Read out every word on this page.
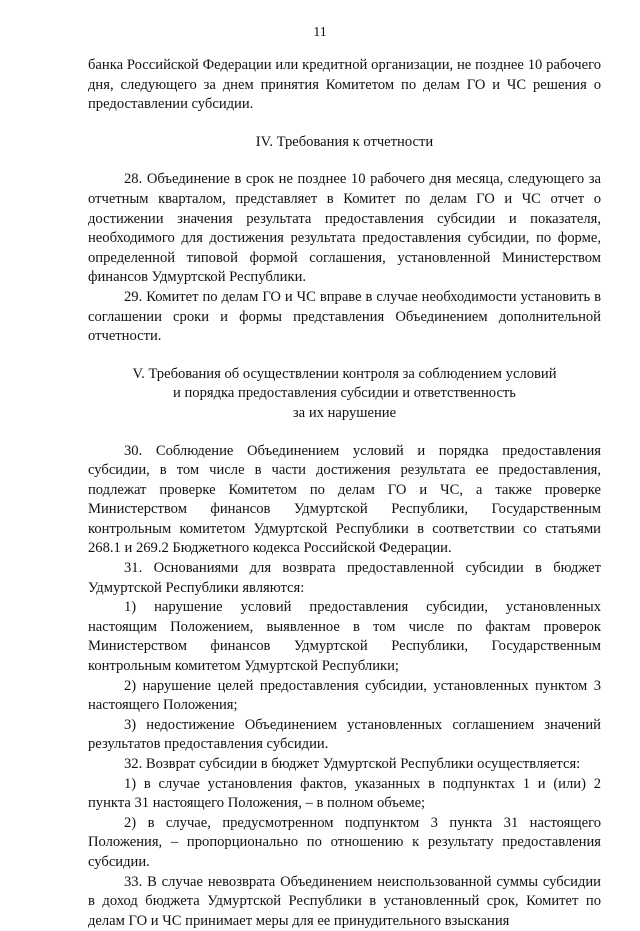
11

банка Российской Федерации или кредитной организации, не позднее 10 рабочего дня, следующего за днем принятия Комитетом по делам ГО и ЧС решения о предоставлении субсидии.

IV. Требования к отчетности

28. Объединение в срок не позднее 10 рабочего дня месяца, следующего за отчетным кварталом, представляет в Комитет по делам ГО и ЧС отчет о достижении значения результата предоставления субсидии и показателя, необходимого для достижения результата предоставления субсидии, по форме, определенной типовой формой соглашения, установленной Министерством финансов Удмуртской Республики.

29. Комитет по делам ГО и ЧС вправе в случае необходимости установить в соглашении сроки и формы представления Объединением дополнительной отчетности.

V. Требования об осуществлении контроля за соблюдением условий
и порядка предоставления субсидии и ответственность
за их нарушение

30. Соблюдение Объединением условий и порядка предоставления субсидии, в том числе в части достижения результата ее предоставления, подлежат проверке Комитетом по делам ГО и ЧС, а также проверке Министерством финансов Удмуртской Республики, Государственным контрольным комитетом Удмуртской Республики в соответствии со статьями 268.1 и 269.2 Бюджетного кодекса Российской Федерации.

31. Основаниями для возврата предоставленной субсидии в бюджет Удмуртской Республики являются:

1) нарушение условий предоставления субсидии, установленных настоящим Положением, выявленное в том числе по фактам проверок Министерством финансов Удмуртской Республики, Государственным контрольным комитетом Удмуртской Республики;

2) нарушение целей предоставления субсидии, установленных пунктом 3 настоящего Положения;

3) недостижение Объединением установленных соглашением значений результатов предоставления субсидии.

32. Возврат субсидии в бюджет Удмуртской Республики осуществляется:

1) в случае установления фактов, указанных в подпунктах 1 и (или) 2 пункта 31 настоящего Положения, – в полном объеме;

2) в случае, предусмотренном подпунктом 3 пункта 31 настоящего Положения, – пропорционально по отношению к результату предоставления субсидии.

33. В случае невозврата Объединением неиспользованной суммы субсидии в доход бюджета Удмуртской Республики в установленный срок, Комитет по делам ГО и ЧС принимает меры для ее принудительного взыскания
